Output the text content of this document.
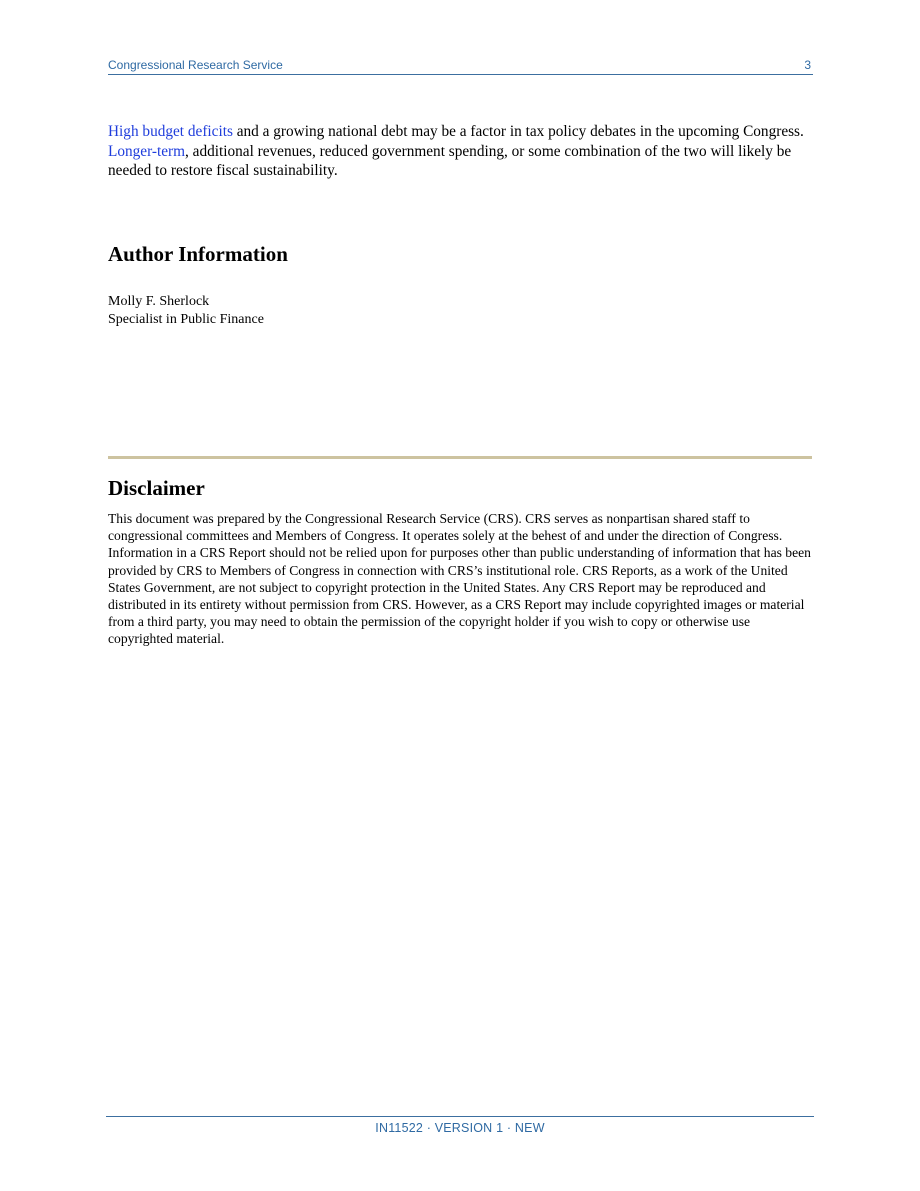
Congressional Research Service	3

High budget deficits and a growing national debt may be a factor in tax policy debates in the upcoming Congress. Longer-term, additional revenues, reduced government spending, or some combination of the two will likely be needed to restore fiscal sustainability.

Author Information
Molly F. Sherlock
Specialist in Public Finance
Disclaimer

This document was prepared by the Congressional Research Service (CRS). CRS serves as nonpartisan shared staff to congressional committees and Members of Congress. It operates solely at the behest of and under the direction of Congress. Information in a CRS Report should not be relied upon for purposes other than public understanding of information that has been provided by CRS to Members of Congress in connection with CRS’s institutional role. CRS Reports, as a work of the United States Government, are not subject to copyright protection in the United States. Any CRS Report may be reproduced and distributed in its entirety without permission from CRS. However, as a CRS Report may include copyrighted images or material from a third party, you may need to obtain the permission of the copyright holder if you wish to copy or otherwise use copyrighted material.

IN11522 · VERSION 1 · NEW
